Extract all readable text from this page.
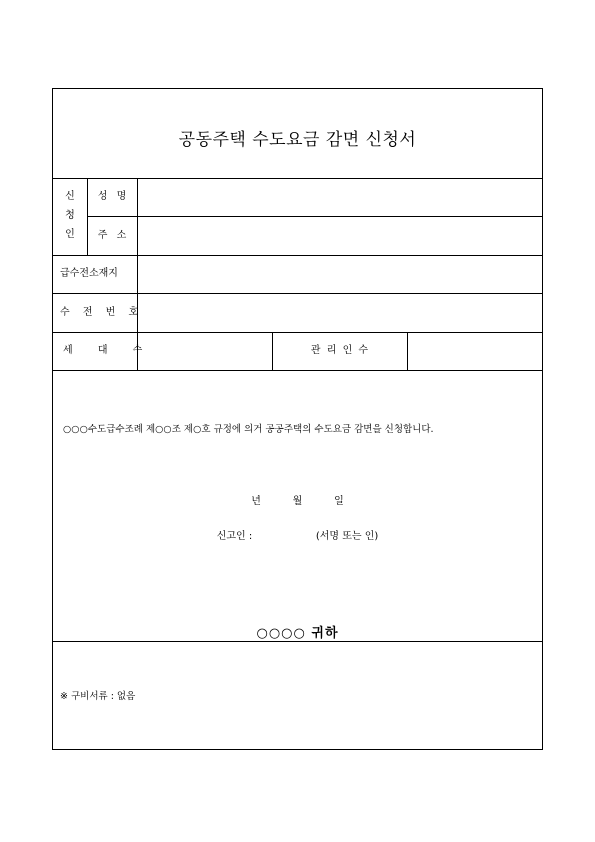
공동주택 수도요금 감면 신청서
신
청
인
성 명
주 소
급수전소재지
수 전 번 호
세 대 수	관 리 인 수
○○○수도급수조례 제○○조 제○호 규정에 의거 공공주택의 수도요금 감면을 신청합니다.
년          월          일
신고인 :                    (서명 또는 인)
○○○○ 귀하
※ 구비서류 : 없음
